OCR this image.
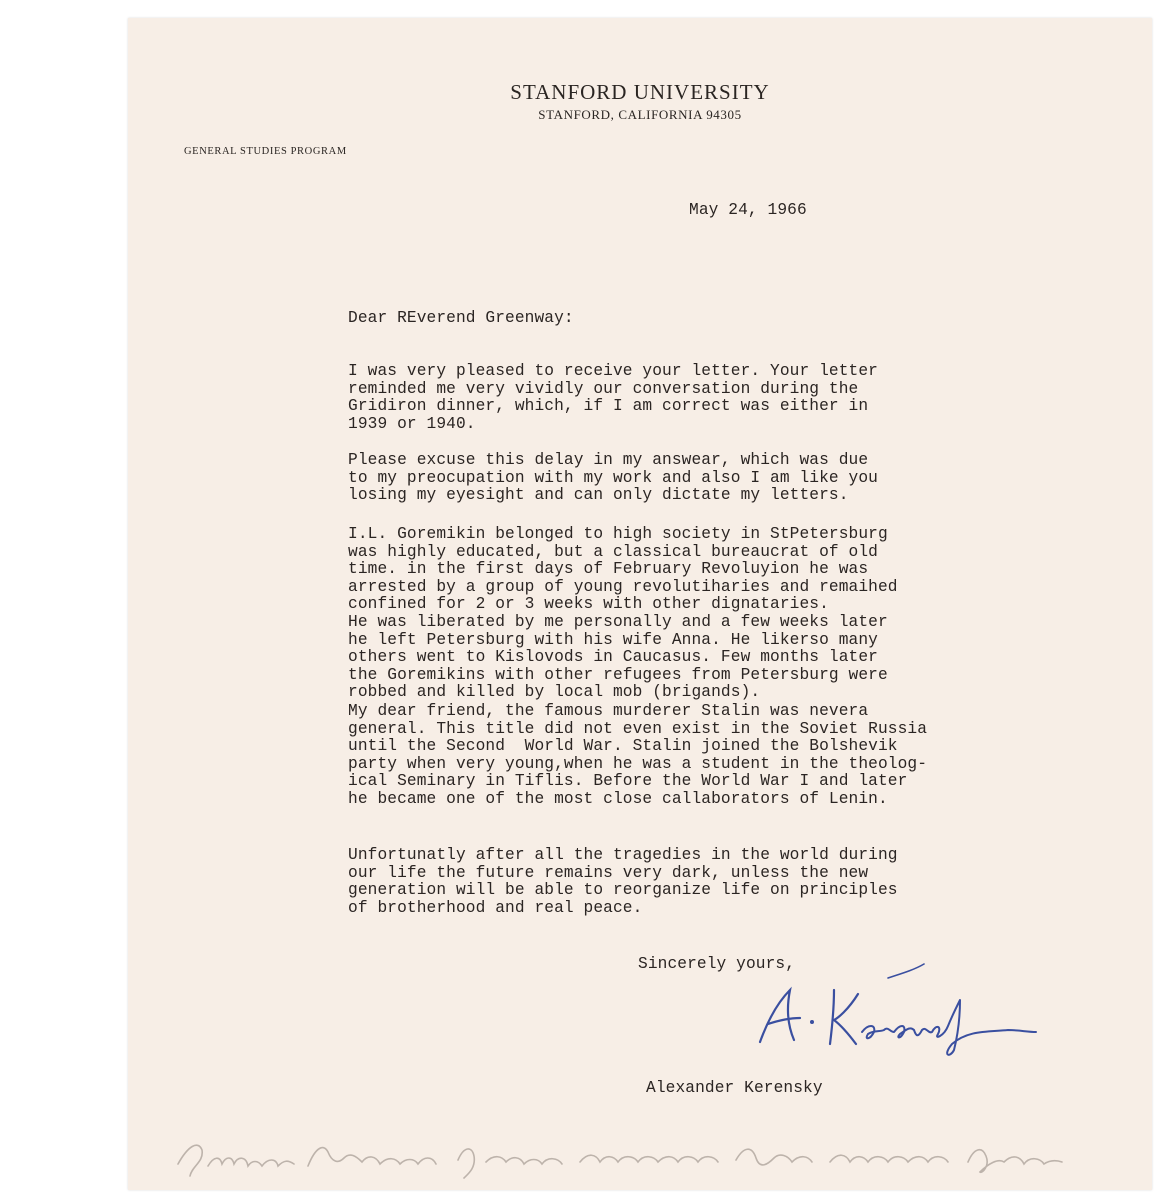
STANFORD UNIVERSITY
STANFORD, CALIFORNIA 94305
GENERAL STUDIES PROGRAM
May 24, 1966
Dear REverend Greenway:

I was very pleased to receive your letter. Your letter
reminded me very vividly our conversation during the
Gridiron dinner, which, if I am correct was either in
1939 or 1940.

Please excuse this delay in my answear, which was due
to my preocupation with my work and also I am like you
losing my eyesight and can only dictate my letters.

I.L. Goremikin belonged to high society in StPetersburg
was highly educated, but a classical bureaucrat of old
time. in the first days of February Revoluyion he was
arrested by a group of young revolutiharies and remaihed
confined for 2 or 3 weeks with other dignataries.
He was liberated by me personally and a few weeks later
he left Petersburg with his wife Anna. He likerso many
others went to Kislovods in Caucasus. Few months later
the Goremikins with other refugees from Petersburg were
robbed and killed by local mob (brigands).

My dear friend, the famous murderer Stalin was nevera
general. This title did not even exist in the Soviet Russia
until the Second  World War. Stalin joined the Bolshevik
party when very young,when he was a student in the theolog-
ical Seminary in Tiflis. Before the World War I and later
he became one of the most close callaborators of Lenin.

Unfortunatly after all the tragedies in the world during
our life the future remains very dark, unless the new
generation will be able to reorganize life on principles
of brotherhood and real peace.

Sincerely yours,
Alexander Kerensky
